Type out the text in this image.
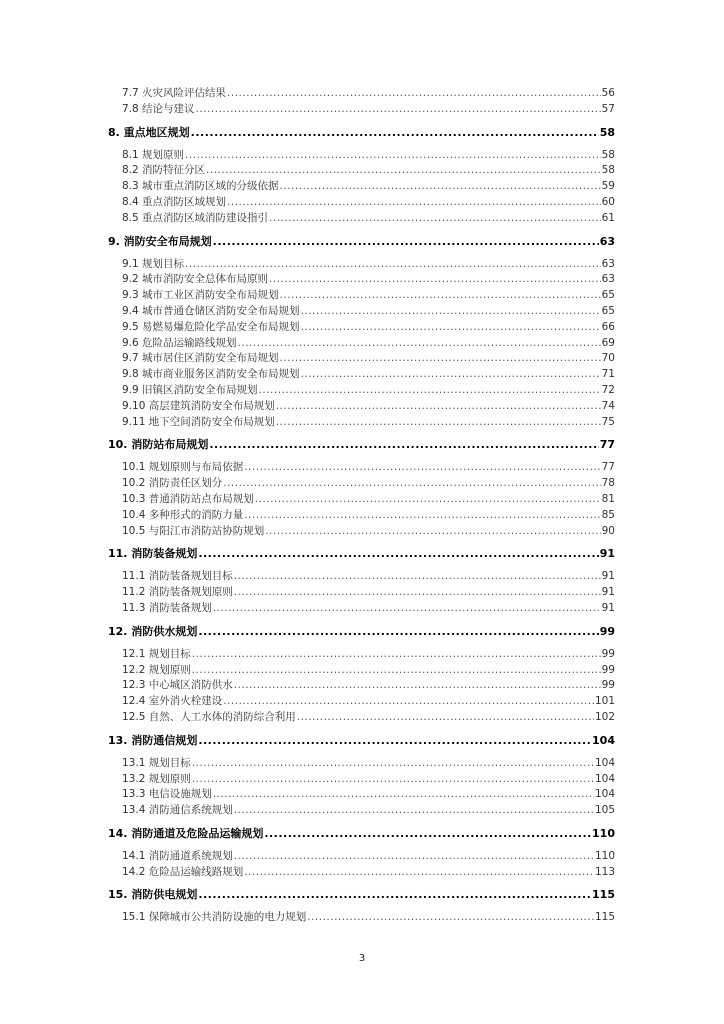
7.7 火灾风险评估结果 .....	56
7.8 结论与建议 .....	57
8. 重点地区规划 .....	58
8.1 规划原则 .....	58
8.2 消防特征分区 .....	58
8.3 城市重点消防区域的分级依据 .....	59
8.4 重点消防区域规划 .....	60
8.5 重点消防区域消防建设指引 .....	61
9. 消防安全布局规划 .....	63
9.1 规划目标 .....	63
9.2 城市消防安全总体布局原则 .....	63
9.3 城市工业区消防安全布局规划 .....	65
9.4 城市普通仓储区消防安全布局规划 .....	65
9.5 易燃易爆危险化学品安全布局规划 .....	66
9.6 危险品运输路线规划 .....	69
9.7 城市居住区消防安全布局规划 .....	70
9.8 城市商业服务区消防安全布局规划 .....	71
9.9 旧镇区消防安全布局规划 .....	72
9.10 高层建筑消防安全布局规划 .....	74
9.11 地下空间消防安全布局规划 .....	75
10. 消防站布局规划 .....	77
10.1 规划原则与布局依据 .....	77
10.2 消防责任区划分 .....	78
10.3 普通消防站点布局规划 .....	81
10.4 多种形式的消防力量 .....	85
10.5 与阳江市消防站协防规划 .....	90
11. 消防装备规划 .....	91
11.1 消防装备规划目标 .....	91
11.2 消防装备规划原则 .....	91
11.3 消防装备规划 .....	91
12. 消防供水规划 .....	99
12.1 规划目标 .....	99
12.2 规划原则 .....	99
12.3 中心城区消防供水 .....	99
12.4 室外消火栓建设 .....	101
12.5 自然、人工水体的消防综合利用 .....	102
13. 消防通信规划 .....	104
13.1 规划目标 .....	104
13.2 规划原则 .....	104
13.3 电信设施规划 .....	104
13.4 消防通信系统规划 .....	105
14. 消防通道及危险品运输规划 .....	110
14.1 消防通道系统规划 .....	110
14.2 危险品运输线路规划 .....	113
15. 消防供电规划 .....	115
15.1 保障城市公共消防设施的电力规划 .....	115
3
